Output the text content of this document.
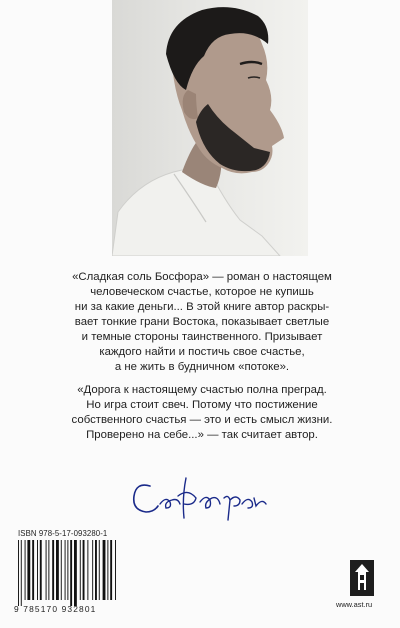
«Сладкая соль Босфора» — роман о настоящем

человеческом счастье, которое не купишь

ни за какие деньги... В этой книге автор раскры-

вает тонкие грани Востока, показывает светлые

и темные стороны таинственного. Призывает

каждого найти и постичь свое счастье,

а не жить в будничном «потоке».

«Дорога к настоящему счастью полна преград.

Но игра стоит свеч. Потому что постижение

собственного счастья — это и есть смысл жизни.

Проверено на себе...» — так считает автор.

ISBN 978-5-17-093280-1
9 785170 932801	www.ast.ru
